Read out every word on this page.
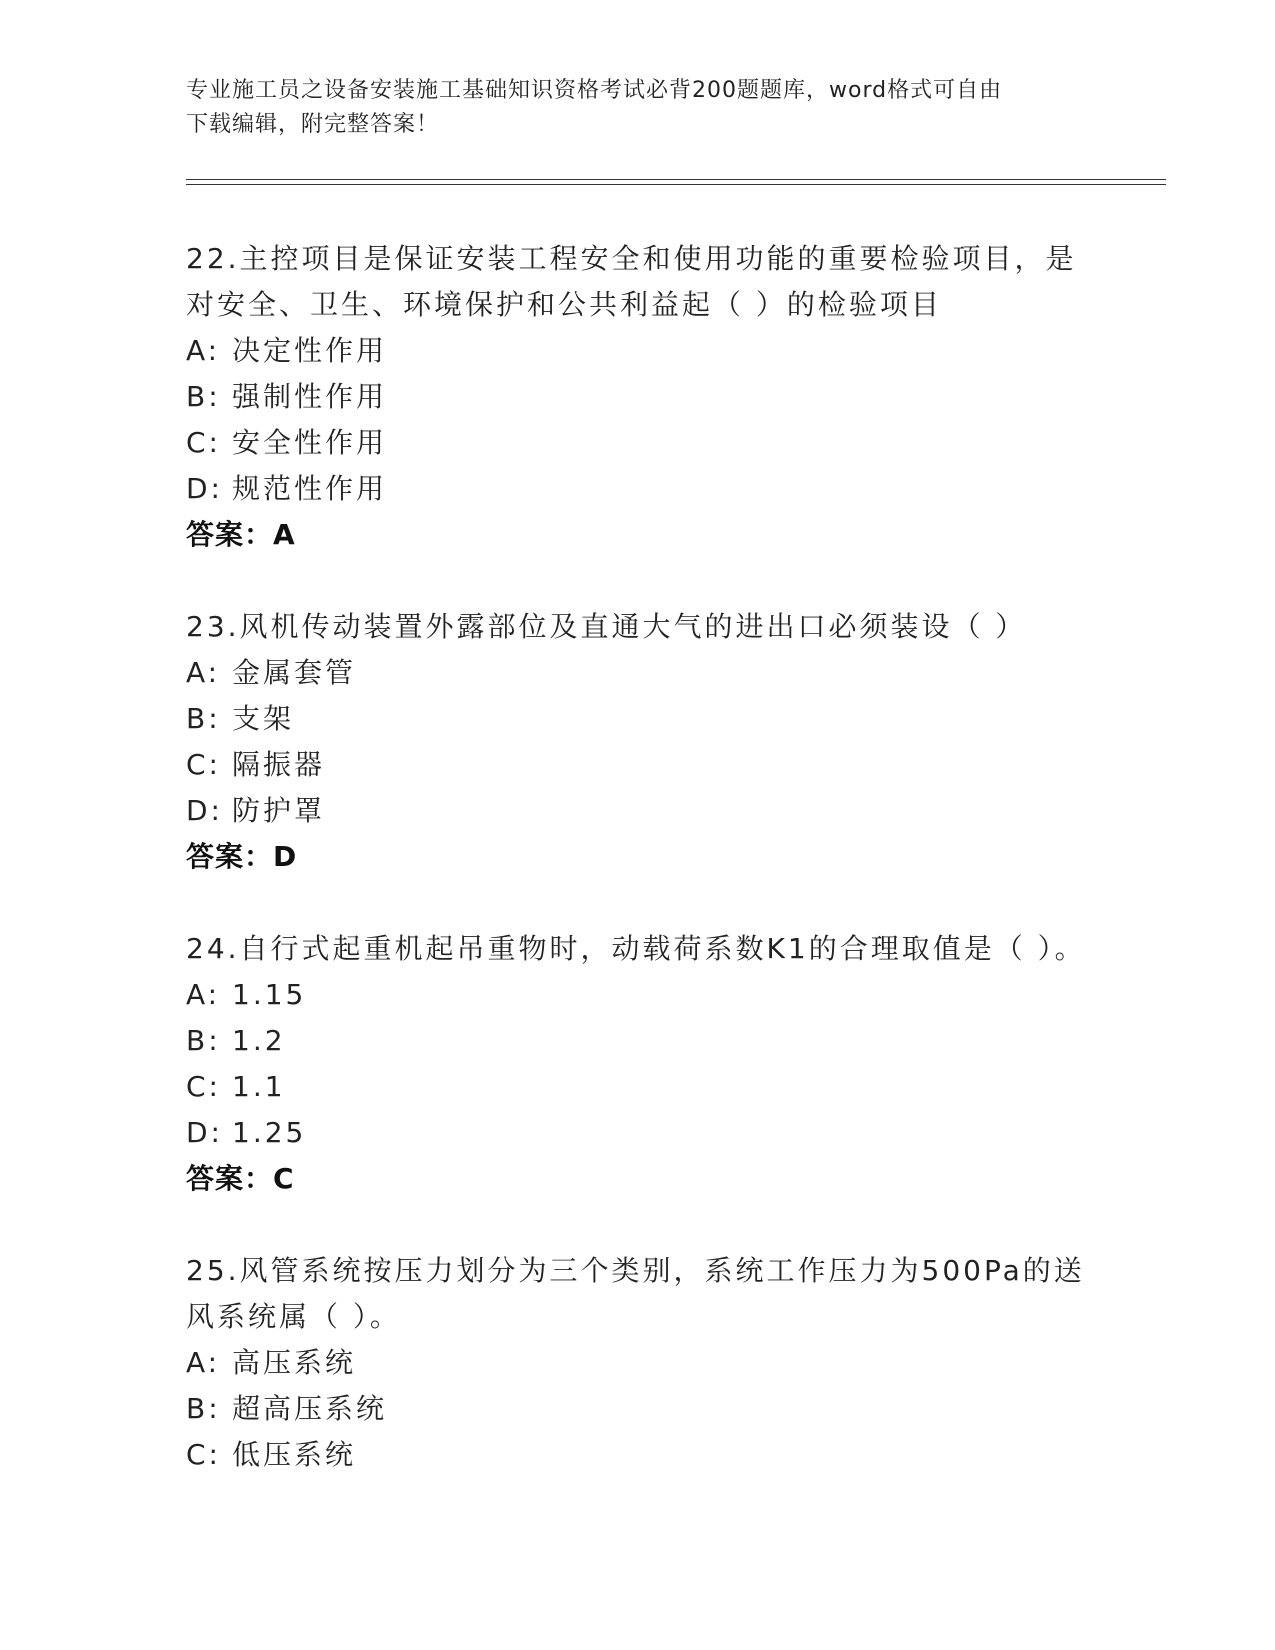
专业施工员之设备安装施工基础知识资格考试必背200题题库，word格式可自由
下载编辑，附完整答案！
22.主控项目是保证安装工程安全和使用功能的重要检验项目，是对安全、卫生、环境保护和公共利益起（ ）的检验项目
A: 决定性作用
B: 强制性作用
C: 安全性作用
D: 规范性作用
答案：A
23.风机传动装置外露部位及直通大气的进出口必须装设（ ）
A: 金属套管
B: 支架
C: 隔振器
D: 防护罩
答案：D
24.自行式起重机起吊重物时，动载荷系数K1的合理取值是（ ）。
A: 1.15
B: 1.2
C: 1.1
D: 1.25
答案：C
25.风管系统按压力划分为三个类别，系统工作压力为500Pa的送风系统属（ ）。
A: 高压系统
B: 超高压系统
C: 低压系统
